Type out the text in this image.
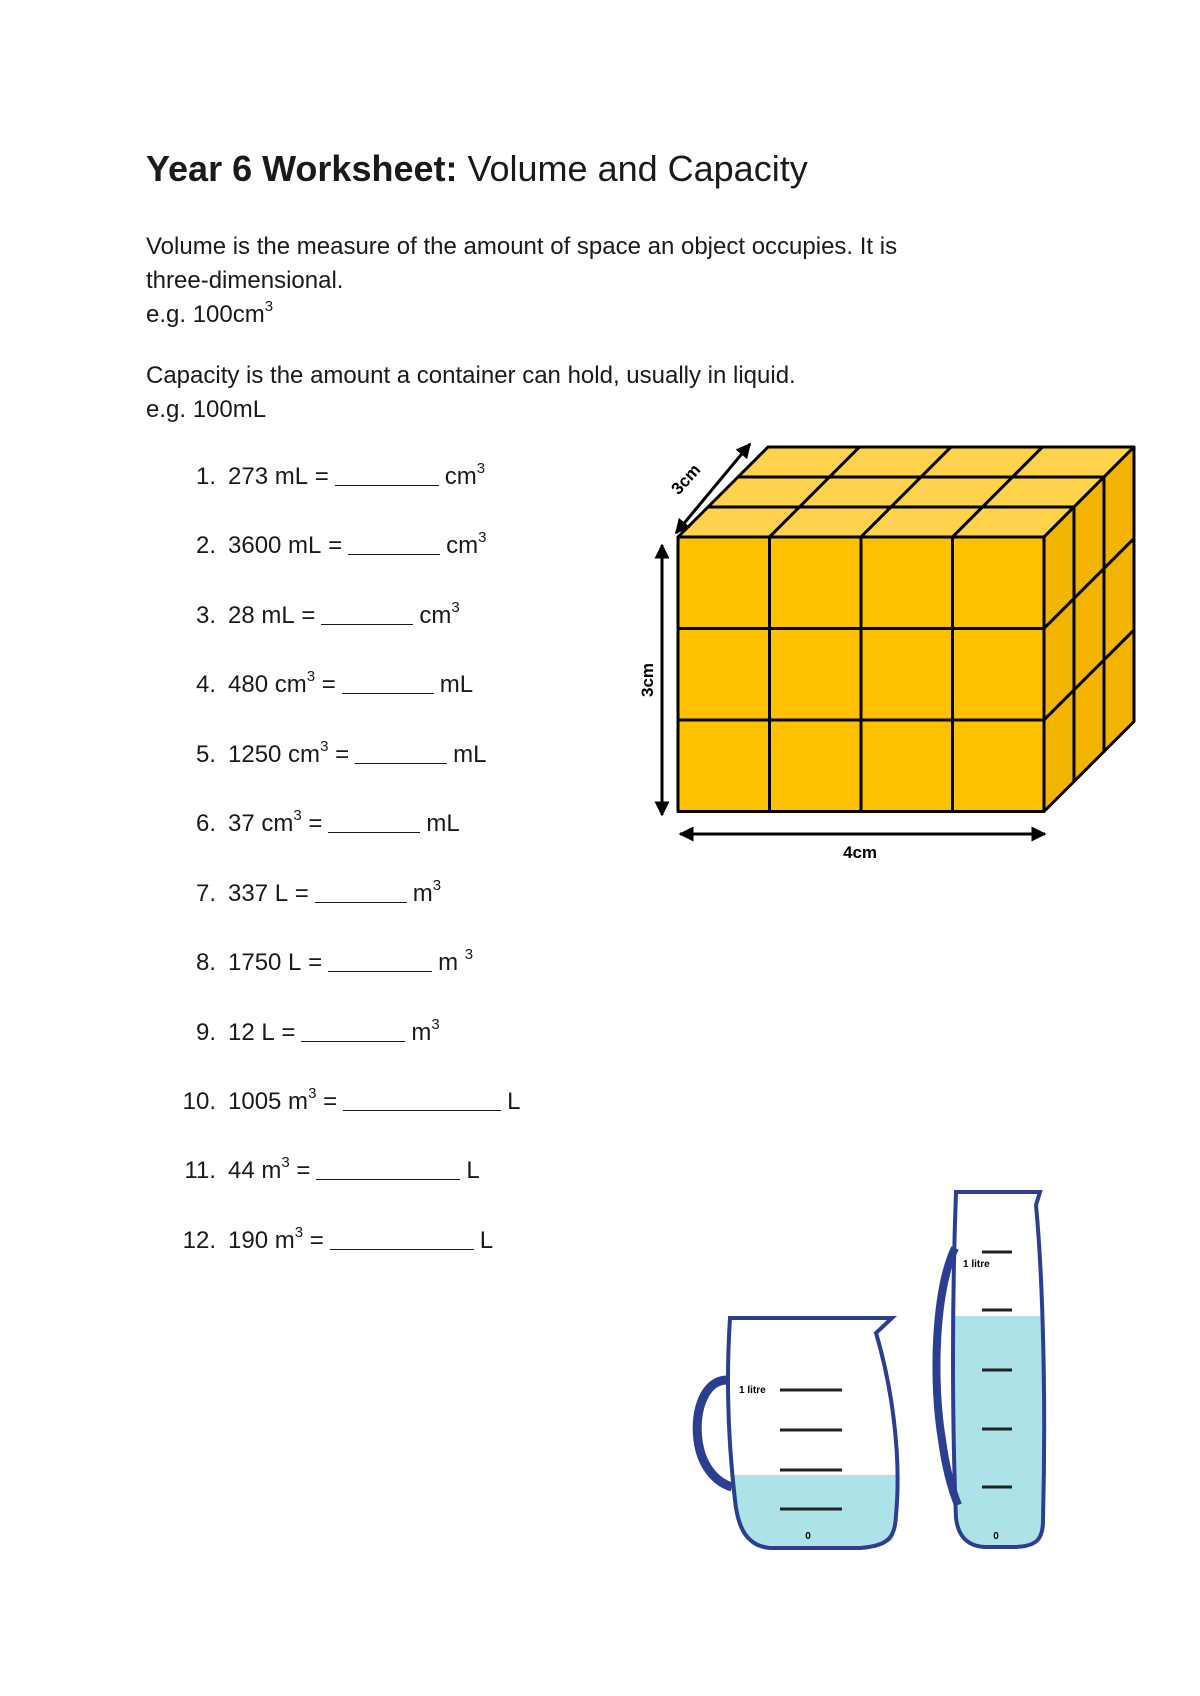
Year 6 Worksheet: Volume and Capacity

Volume is the measure of the amount of space an object occupies. It is
three-dimensional.
e.g. $100cm^3$

Capacity is the amount a container can hold, usually in liquid.
e.g. 100mL

1. 273 mL =	$cm^3$
2. 3600 mL =	$cm^3$
3. 28 mL =	$cm^3$
4. 480 $cm^3$ =	mL
5. 1250 $cm^3$ =	mL
6. 37 $cm^3$ =	mL
7. 337 L =	$m^3$
8. 1750 L =	m $^3$
9. 12 L =	$m^3$
10. 1005 $m^3$ =	L
11. 44 $m^3$ =	L
12. 190 $m^3$ =	L
3cm
3cm
4cm
1 litre
0
1 litre
0
